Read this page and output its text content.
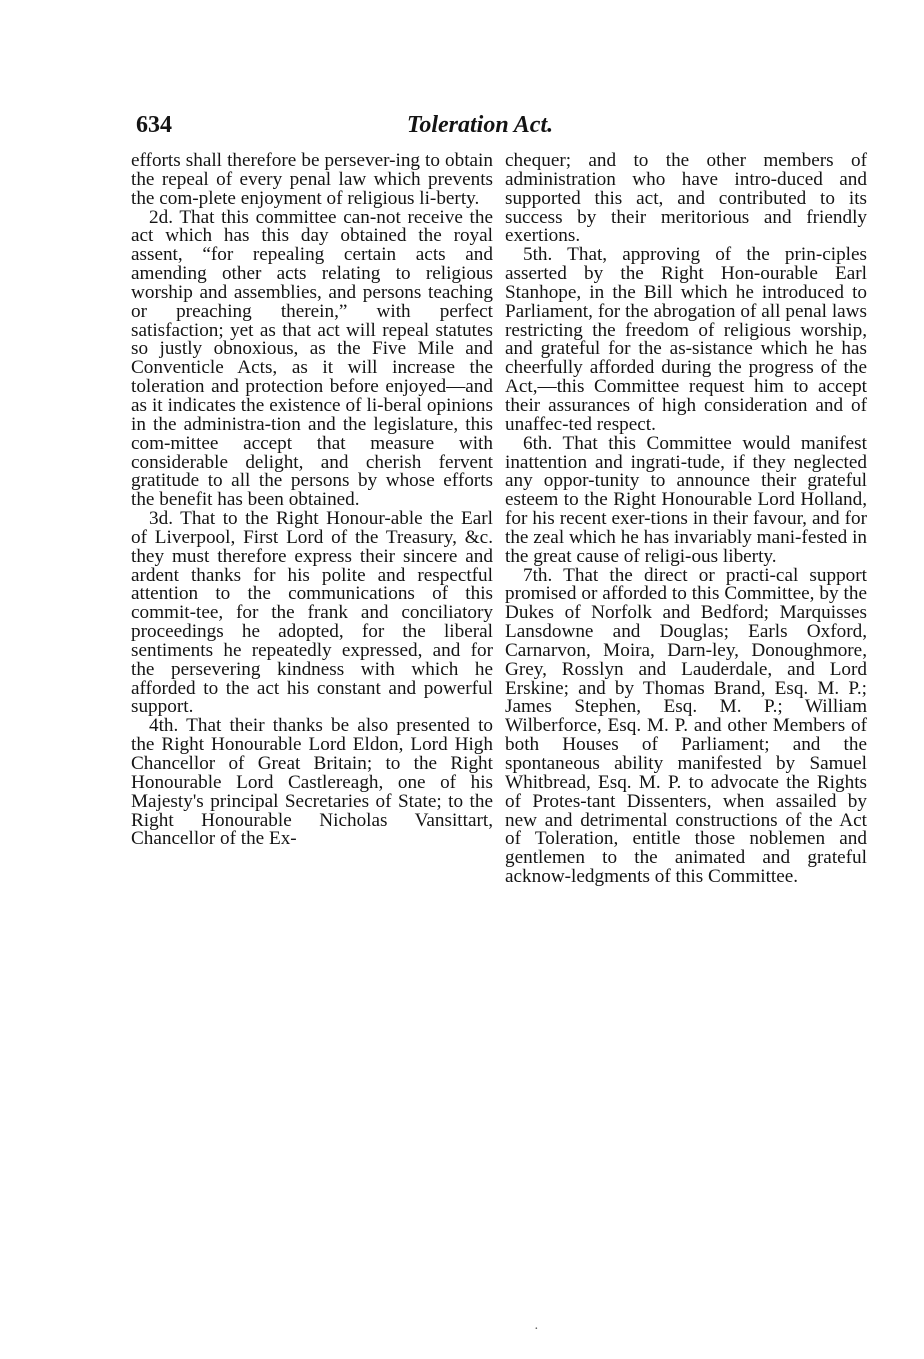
634	Toleration Act.

efforts shall therefore be persever-ing to obtain the repeal of every penal law which prevents the com-plete enjoyment of religious li-berty.

2d. That this committee can-not receive the act which has this day obtained the royal assent, “for repealing certain acts and amending other acts relating to religious worship and assemblies, and persons teaching or preaching therein,” with perfect satisfaction; yet as that act will repeal statutes so justly obnoxious, as the Five Mile and Conventicle Acts, as it will increase the toleration and protection before enjoyed—and as it indicates the existence of li-beral opinions in the administra-tion and the legislature, this com-mittee accept that measure with considerable delight, and cherish fervent gratitude to all the persons by whose efforts the benefit has been obtained.

3d. That to the Right Honour-able the Earl of Liverpool, First Lord of the Treasury, &c. they must therefore express their sincere and ardent thanks for his polite and respectful attention to the communications of this commit-tee, for the frank and conciliatory proceedings he adopted, for the liberal sentiments he repeatedly expressed, and for the persevering kindness with which he afforded to the act his constant and powerful support.

4th. That their thanks be also presented to the Right Honourable Lord Eldon, Lord High Chancellor of Great Britain; to the Right Honourable Lord Castlereagh, one of his Majesty's principal Secretaries of State; to the Right Honourable Nicholas Vansittart, Chancellor of the Ex-

chequer; and to the other members of administration who have intro-duced and supported this act, and contributed to its success by their meritorious and friendly exertions.

5th. That, approving of the prin-ciples asserted by the Right Hon-ourable Earl Stanhope, in the Bill which he introduced to Parliament, for the abrogation of all penal laws restricting the freedom of religious worship, and grateful for the as-sistance which he has cheerfully afforded during the progress of the Act,—this Committee request him to accept their assurances of high consideration and of unaffec-ted respect.

6th. That this Committee would manifest inattention and ingrati-tude, if they neglected any oppor-tunity to announce their grateful esteem to the Right Honourable Lord Holland, for his recent exer-tions in their favour, and for the zeal which he has invariably mani-fested in the great cause of religi-ous liberty.

7th. That the direct or practi-cal support promised or afforded to this Committee, by the Dukes of Norfolk and Bedford; Marquisses Lansdowne and Douglas; Earls Oxford, Carnarvon, Moira, Darn-ley, Donoughmore, Grey, Rosslyn and Lauderdale, and Lord Erskine; and by Thomas Brand, Esq. M. P.; James Stephen, Esq. M. P.; William Wilberforce, Esq. M. P. and other Members of both Houses of Parliament; and the spontaneous ability manifested by Samuel Whitbread, Esq. M. P. to advocate the Rights of Protes-tant Dissenters, when assailed by new and detrimental constructions of the Act of Toleration, entitle those noblemen and gentlemen to the animated and grateful acknow-ledgments of this Committee.

·
